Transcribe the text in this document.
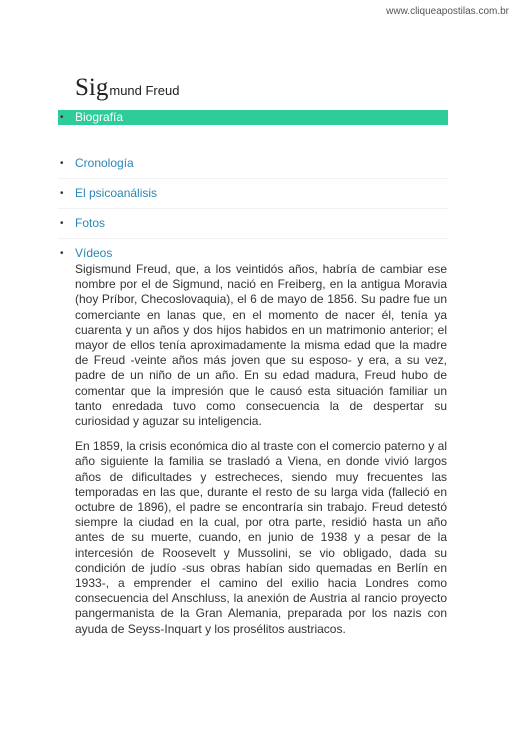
www.cliqueapostilas.com.br
Sigmund Freud
• Biografía
• Cronología
• El psicoanálisis
• Fotos
• Vídeos

Sigismund Freud, que, a los veintidós años, habría de cambiar ese nombre por el de Sigmund, nació en Freiberg, en la antigua Moravia (hoy Príbor, Checoslovaquia), el 6 de mayo de 1856. Su padre fue un comerciante en lanas que, en el momento de nacer él, tenía ya cuarenta y un años y dos hijos habidos en un matrimonio anterior; el mayor de ellos tenía aproximadamente la misma edad que la madre de Freud -veinte años más joven que su esposo- y era, a su vez, padre de un niño de un año. En su edad madura, Freud hubo de comentar que la impresión que le causó esta situación familiar un tanto enredada tuvo como consecuencia la de despertar su curiosidad y aguzar su inteligencia.

En 1859, la crisis económica dio al traste con el comercio paterno y al año siguiente la familia se trasladó a Viena, en donde vivió largos años de dificultades y estrecheces, siendo muy frecuentes las temporadas en las que, durante el resto de su larga vida (falleció en octubre de 1896), el padre se encontraría sin trabajo. Freud detestó siempre la ciudad en la cual, por otra parte, residió hasta un año antes de su muerte, cuando, en junio de 1938 y a pesar de la intercesión de Roosevelt y Mussolini, se vio obligado, dada su condición de judío -sus obras habían sido quemadas en Berlín en 1933-, a emprender el camino del exilio hacia Londres como consecuencia del Anschluss, la anexión de Austria al rancio proyecto pangermanista de la Gran Alemania, preparada por los nazis con ayuda de Seyss-Inquart y los prosélitos austriacos.
